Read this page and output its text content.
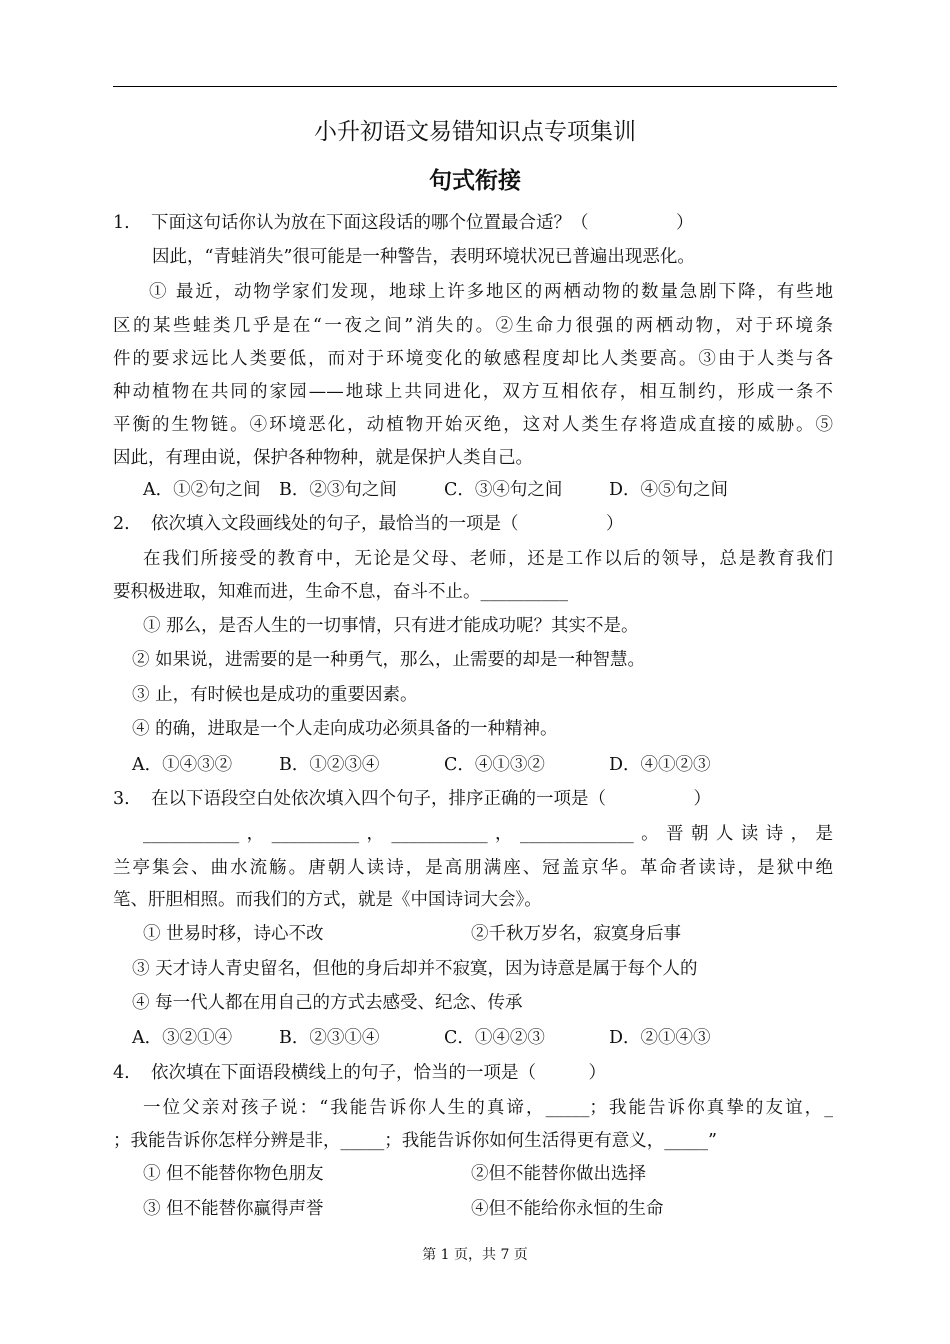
小升初语文易错知识点专项集训
句式衔接
1. 下面这句话你认为放在下面这段话的哪个位置最合适？（　　　　　）
因此，“青蛙消失”很可能是一种警告，表明环境状况已普遍出现恶化。
① 最近，动物学家们发现，地球上许多地区的两栖动物的数量急剧下降，有些地
区的某些蛙类几乎是在“一夜之间”消失的。②生命力很强的两栖动物，对于环境条
件的要求远比人类要低，而对于环境变化的敏感程度却比人类要高。③由于人类与各
种动植物在共同的家园——地球上共同进化，双方互相依存，相互制约，形成一条不
平衡的生物链。④环境恶化，动植物开始灭绝，这对人类生存将造成直接的威胁。⑤
因此，有理由说，保护各种物种，就是保护人类自己。
A．①②句之间 B．②③句之间	C．③④句之间	D．④⑤句之间
2. 依次填入文段画线处的句子，最恰当的一项是（　　　　　）
在我们所接受的教育中，无论是父母、老师，还是工作以后的领导，总是教育我们
要积极进取，知难而进，生命不息，奋斗不止。__________
① 那么，是否人生的一切事情，只有进才能成功呢？其实不是。
② 如果说，进需要的是一种勇气，那么，止需要的却是一种智慧。
③ 止，有时候也是成功的重要因素。
④ 的确，进取是一个人走向成功必须具备的一种精神。
A．①④③②	B．①②③④	C．④①③②	D．④①②③
3. 在以下语段空白处依次填入四个句子，排序正确的一项是（　　　　　）
___________，__________，___________，_____________。晋朝人读诗，是
兰亭集会、曲水流觞。唐朝人读诗，是高朋满座、冠盖京华。革命者读诗，是狱中绝
笔、肝胆相照。而我们的方式，就是《中国诗词大会》。
① 世易时移，诗心不改	②千秋万岁名，寂寞身后事
③ 天才诗人青史留名，但他的身后却并不寂寞，因为诗意是属于每个人的
④ 每一代人都在用自己的方式去感受、纪念、传承
A．③②①④	B．②③①④	C．①④②③	D．②①④③
4. 依次填在下面语段横线上的句子，恰当的一项是（　　　）
一位父亲对孩子说：“我能告诉你人生的真谛，_____；我能告诉你真挚的友谊，_
；我能告诉你怎样分辨是非，_____；我能告诉你如何生活得更有意义，_____”
① 但不能替你物色朋友	②但不能替你做出选择
③ 但不能替你赢得声誉	④但不能给你永恒的生命
第 1 页，共 7 页
